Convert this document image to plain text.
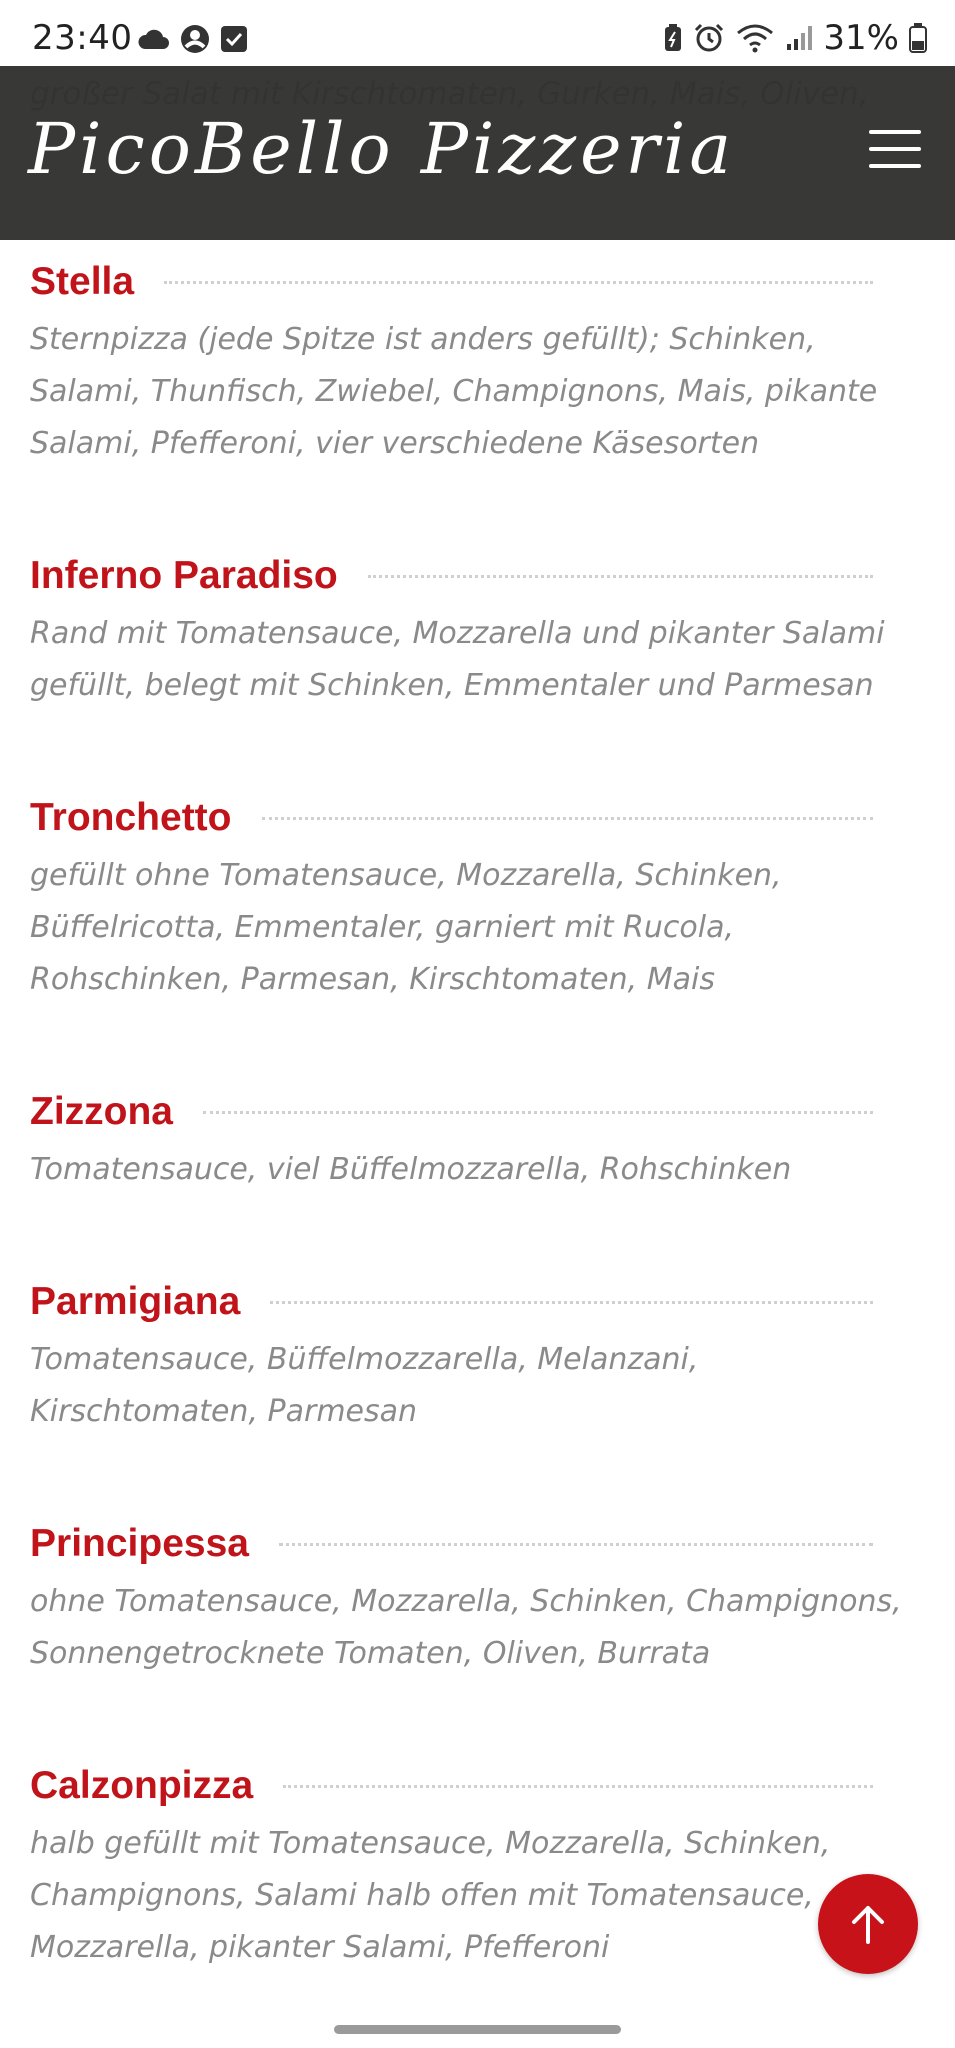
23:40	31%
PicoBello Pizzeria
Stella
Sternpizza (jede Spitze ist anders gefüllt); Schinken, Salami, Thunfisch, Zwiebel, Champignons, Mais, pikante Salami, Pfefferoni, vier verschiedene Käsesorten
Inferno Paradiso
Rand mit Tomatensauce, Mozzarella und pikanter Salami gefüllt, belegt mit Schinken, Emmentaler und Parmesan
Tronchetto
gefüllt ohne Tomatensauce, Mozzarella, Schinken, Büffelricotta, Emmentaler, garniert mit Rucola, Rohschinken, Parmesan, Kirschtomaten, Mais
Zizzona
Tomatensauce, viel Büffelmozzarella, Rohschinken
Parmigiana
Tomatensauce, Büffelmozzarella, Melanzani, Kirschtomaten, Parmesan
Principessa
ohne Tomatensauce, Mozzarella, Schinken, Champignons, Sonnengetrocknete Tomaten, Oliven, Burrata
Calzonpizza
halb gefüllt mit Tomatensauce, Mozzarella, Schinken, Champignons, Salami halb offen mit Tomatensauce, Mozzarella, pikanter Salami, Pfefferoni
